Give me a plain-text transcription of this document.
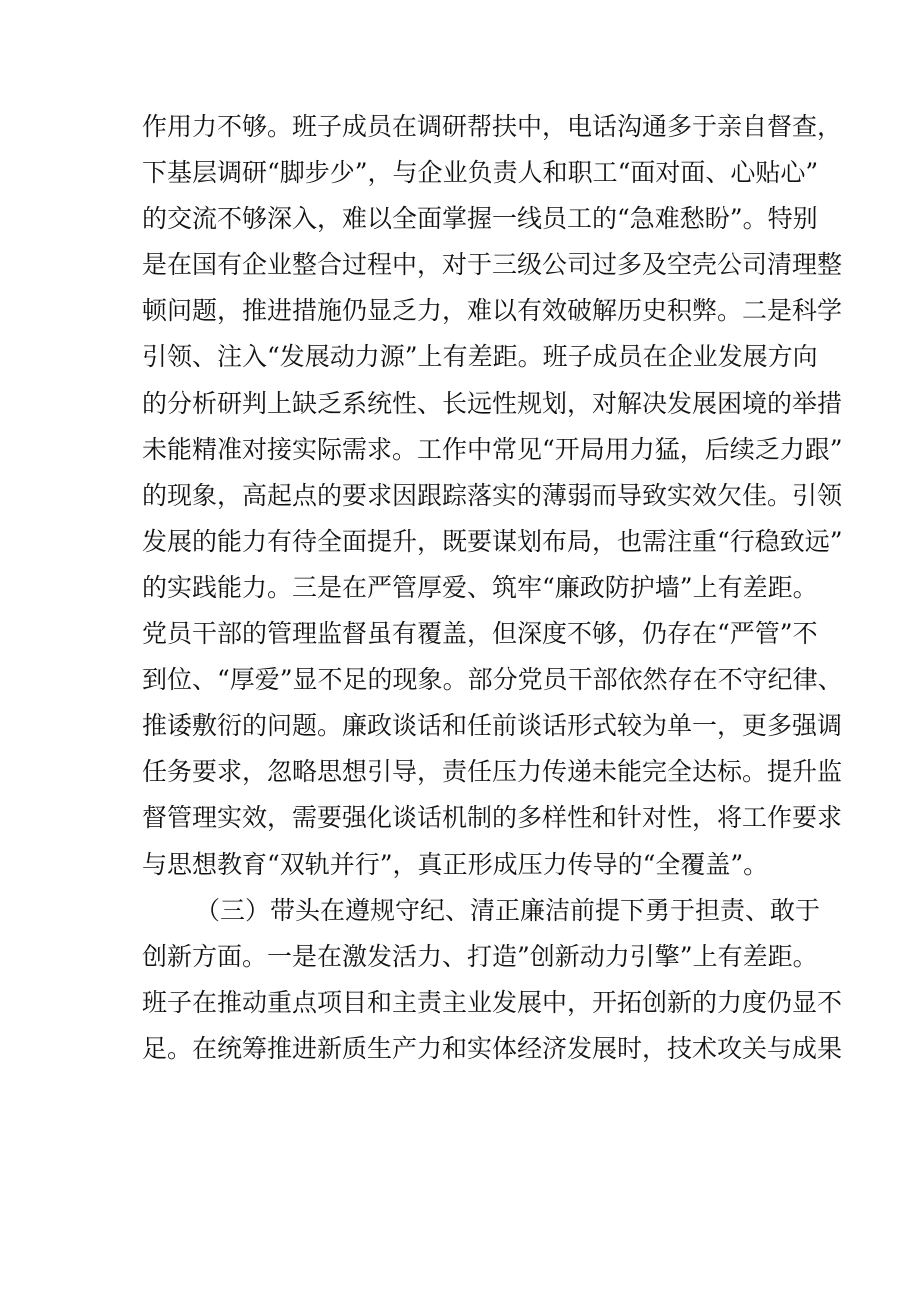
作用力不够。班子成员在调研帮扶中，电话沟通多于亲自督查，
下基层调研“脚步少”，与企业负责人和职工“面对面、心贴心”
的交流不够深入，难以全面掌握一线员工的“急难愁盼”。特别
是在国有企业整合过程中，对于三级公司过多及空壳公司清理整
顿问题，推进措施仍显乏力，难以有效破解历史积弊。二是科学
引领、注入“发展动力源”上有差距。班子成员在企业发展方向
的分析研判上缺乏系统性、长远性规划，对解决发展困境的举措
未能精准对接实际需求。工作中常见“开局用力猛，后续乏力跟”
的现象，高起点的要求因跟踪落实的薄弱而导致实效欠佳。引领
发展的能力有待全面提升，既要谋划布局，也需注重“行稳致远”
的实践能力。三是在严管厚爱、筑牢“廉政防护墙”上有差距。
党员干部的管理监督虽有覆盖，但深度不够，仍存在“严管”不
到位、“厚爱”显不足的现象。部分党员干部依然存在不守纪律、
推诿敷衍的问题。廉政谈话和任前谈话形式较为单一，更多强调
任务要求，忽略思想引导，责任压力传递未能完全达标。提升监
督管理实效，需要强化谈话机制的多样性和针对性，将工作要求
与思想教育“双轨并行”，真正形成压力传导的“全覆盖”。
（三）带头在遵规守纪、清正廉洁前提下勇于担责、敢于
创新方面。一是在激发活力、打造”创新动力引擎”上有差距。
班子在推动重点项目和主责主业发展中，开拓创新的力度仍显不
足。在统筹推进新质生产力和实体经济发展时，技术攻关与成果
